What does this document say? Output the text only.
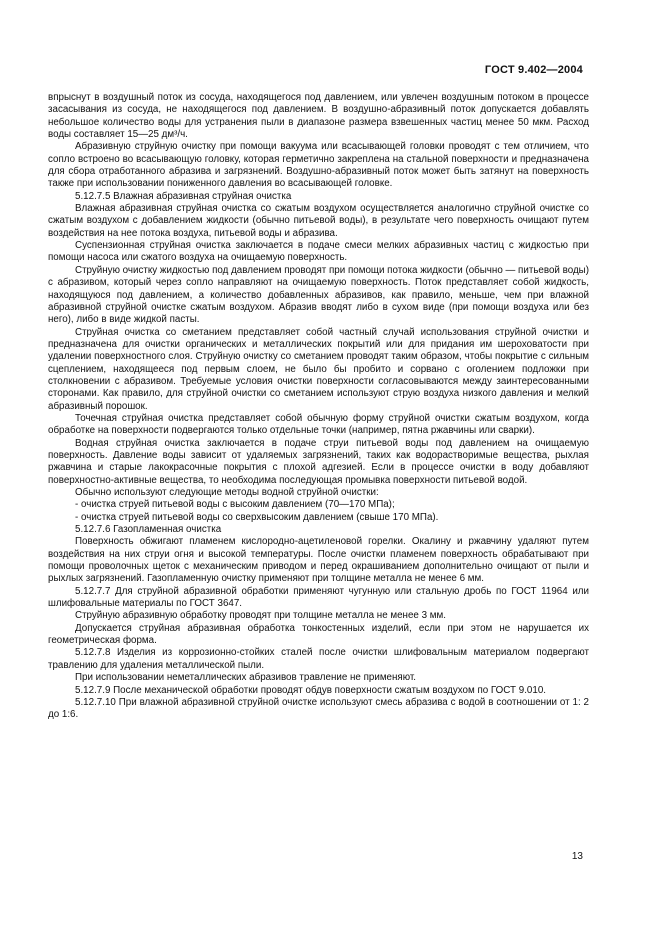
ГОСТ 9.402—2004

впрыснут в воздушный поток из сосуда, находящегося под давлением, или увлечен воздушным потоком в процессе засасывания из сосуда, не находящегося под давлением. В воздушно-абразивный поток допускается добавлять небольшое количество воды для устранения пыли в диапазоне размера взвешенных частиц менее 50 мкм. Расход воды составляет 15—25 дм³/ч.

Абразивную струйную очистку при помощи вакуума или всасывающей головки проводят с тем отличием, что сопло встроено во всасывающую головку, которая герметично закреплена на стальной поверхности и предназначена для сбора отработанного абразива и загрязнений. Воздушно-абразивный поток может быть затянут на поверхность также при использовании пониженного давления во всасывающей головке.

5.12.7.5 Влажная абразивная струйная очистка

Влажная абразивная струйная очистка со сжатым воздухом осуществляется аналогично струйной очистке со сжатым воздухом с добавлением жидкости (обычно питьевой воды), в результате чего поверхность очищают путем воздействия на нее потока воздуха, питьевой воды и абразива.

Суспензионная струйная очистка заключается в подаче смеси мелких абразивных частиц с жидкостью при помощи насоса или сжатого воздуха на очищаемую поверхность.

Струйную очистку жидкостью под давлением проводят при помощи потока жидкости (обычно — питьевой воды) с абразивом, который через сопло направляют на очищаемую поверхность. Поток представляет собой жидкость, находящуюся под давлением, а количество добавленных абразивов, как правило, меньше, чем при влажной абразивной струйной очистке сжатым воздухом. Абразив вводят либо в сухом виде (при помощи воздуха или без него), либо в виде жидкой пасты.

Струйная очистка со сметанием представляет собой частный случай использования струйной очистки и предназначена для очистки органических и металлических покрытий или для придания им шероховатости при удалении поверхностного слоя. Струйную очистку со сметанием проводят таким образом, чтобы покрытие с сильным сцеплением, находящееся под первым слоем, не было бы пробито и сорвано с оголением подложки при столкновении с абразивом. Требуемые условия очистки поверхности согласовываются между заинтересованными сторонами. Как правило, для струйной очистки со сметанием используют струю воздуха низкого давления и мелкий абразивный порошок.

Точечная струйная очистка представляет собой обычную форму струйной очистки сжатым воздухом, когда обработке на поверхности подвергаются только отдельные точки (например, пятна ржавчины или сварки).

Водная струйная очистка заключается в подаче струи питьевой воды под давлением на очищаемую поверхность. Давление воды зависит от удаляемых загрязнений, таких как водорастворимые вещества, рыхлая ржавчина и старые лакокрасочные покрытия с плохой адгезией. Если в процессе очистки в воду добавляют поверхностно-активные вещества, то необходима последующая промывка поверхности питьевой водой.

Обычно используют следующие методы водной струйной очистки:

- очистка струей питьевой воды с высоким давлением (70—170 МПа);

- очистка струей питьевой воды со сверхвысоким давлением (свыше 170 МПа).

5.12.7.6 Газопламенная очистка

Поверхность обжигают пламенем кислородно-ацетиленовой горелки. Окалину и ржавчину удаляют путем воздействия на них струи огня и высокой температуры. После очистки пламенем поверхность обрабатывают при помощи проволочных щеток с механическим приводом и перед окрашиванием дополнительно очищают от пыли и рыхлых загрязнений. Газопламенную очистку применяют при толщине металла не менее 6 мм.

5.12.7.7 Для струйной абразивной обработки применяют чугунную или стальную дробь по ГОСТ 11964 или шлифовальные материалы по ГОСТ 3647.

Струйную абразивную обработку проводят при толщине металла не менее 3 мм.

Допускается струйная абразивная обработка тонкостенных изделий, если при этом не нарушается их геометрическая форма.

5.12.7.8 Изделия из коррозионно-стойких сталей после очистки шлифовальным материалом подвергают травлению для удаления металлической пыли.

При использовании неметаллических абразивов травление не применяют.

5.12.7.9 После механической обработки проводят обдув поверхности сжатым воздухом по ГОСТ 9.010.

5.12.7.10 При влажной абразивной струйной очистке используют смесь абразива с водой в соотношении от 1: 2 до 1:6.

13
